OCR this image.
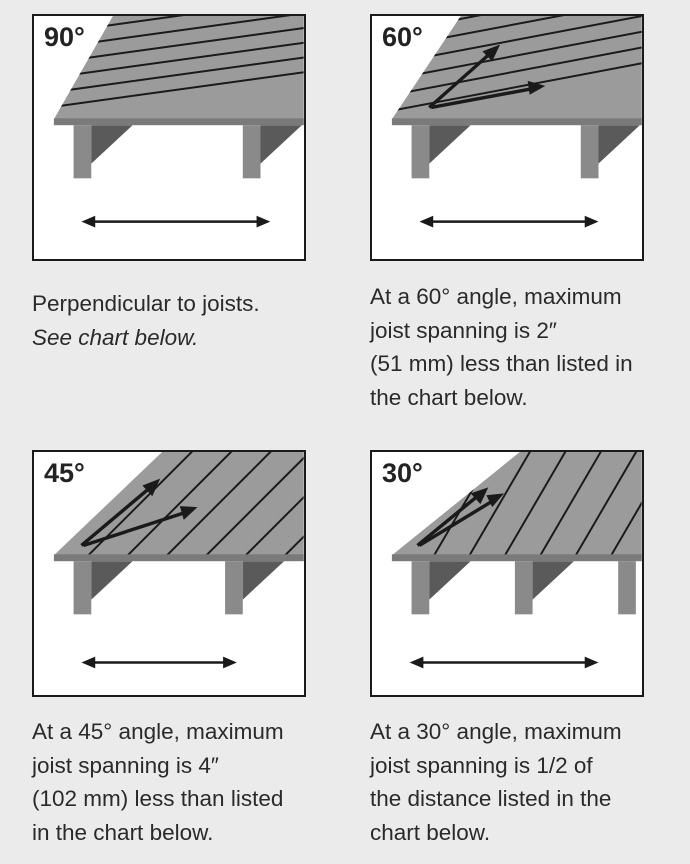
90°	60°
45°	30°
Perpendicular to joists.
See chart below.
At a 60° angle, maximum
joist spanning is 2″
(51 mm) less than listed in
the chart below.
At a 45° angle, maximum
joist spanning is 4″
(102 mm) less than listed
in the chart below.
At a 30° angle, maximum
joist spanning is 1/2 of
the distance listed in the
chart below.
